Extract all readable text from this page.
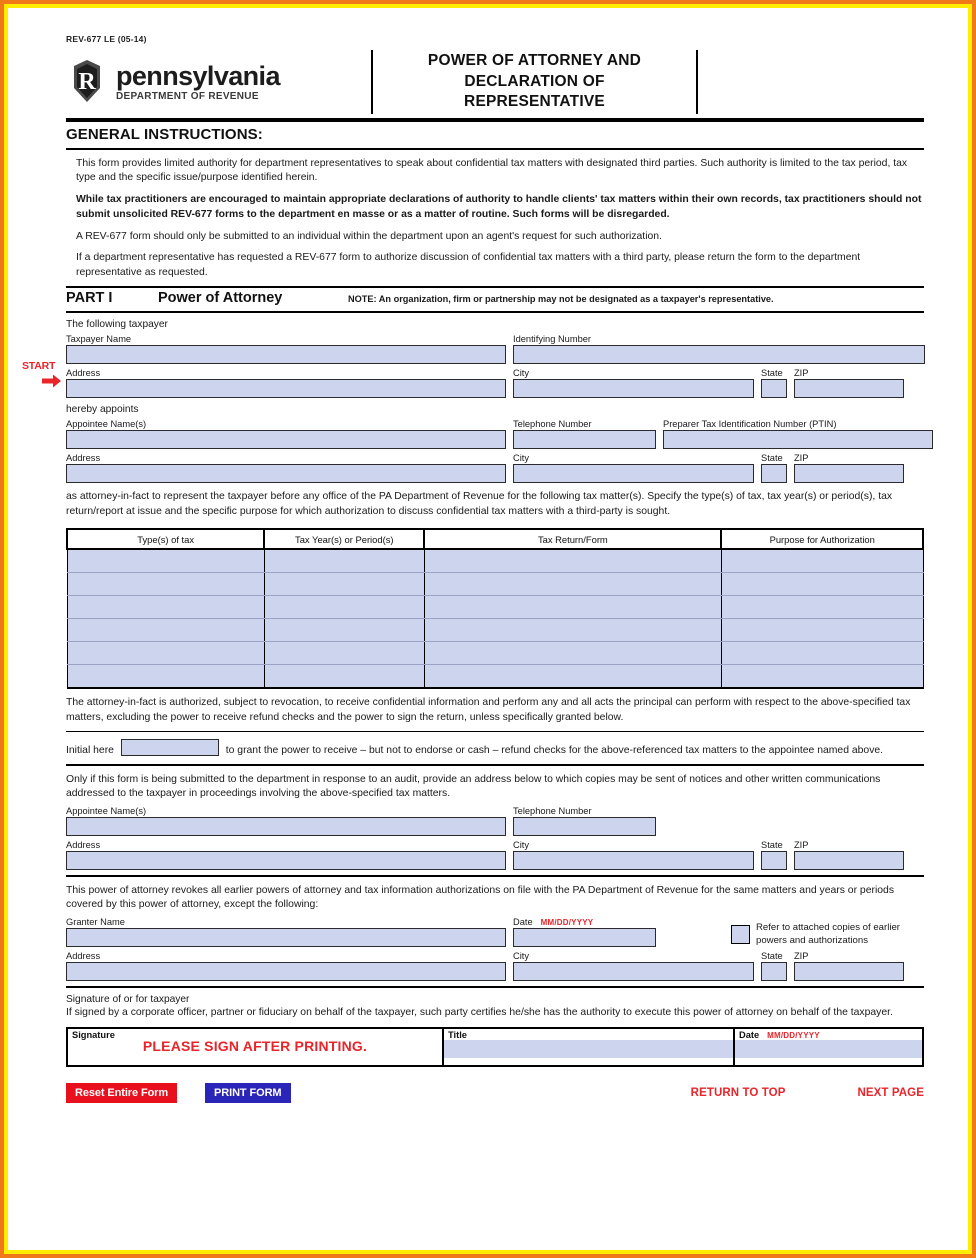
REV-677 LE (05-14)
R pennsylvania
DEPARTMENT OF REVENUE
POWER OF ATTORNEY AND
DECLARATION OF
REPRESENTATIVE
GENERAL INSTRUCTIONS:
This form provides limited authority for department representatives to speak about confidential tax matters with designated third parties. Such authority is limited to the tax period, tax type and the specific issue/purpose identified herein.
While tax practitioners are encouraged to maintain appropriate declarations of authority to handle clients' tax matters within their own records, tax practitioners should not submit unsolicited REV-677 forms to the department en masse or as a matter of routine. Such forms will be disregarded.
A REV-677 form should only be submitted to an individual within the department upon an agent's request for such authorization.
If a department representative has requested a REV-677 form to authorize discussion of confidential tax matters with a third party, please return the form to the department representative as requested.
PART I	Power of Attorney	NOTE: An organization, firm or partnership may not be designated as a taxpayer's representative.
The following taxpayer
Taxpayer Name	Identifying Number
Address	City	State	ZIP
hereby appoints
Appointee Name(s)	Telephone Number	Preparer Tax Identification Number (PTIN)
Address	City	State	ZIP
as attorney-in-fact to represent the taxpayer before any office of the PA Department of Revenue for the following tax matter(s). Specify the type(s) of tax, tax year(s) or period(s), tax return/report at issue and the specific purpose for which authorization to discuss confidential tax matters with a third-party is sought.
Type(s) of tax	Tax Year(s) or Period(s)	Tax Return/Form	Purpose for Authorization

The attorney-in-fact is authorized, subject to revocation, to receive confidential information and perform any and all acts the principal can perform with respect to the above-specified tax matters, excluding the power to receive refund checks and the power to sign the return, unless specifically granted below.
Initial here	to grant the power to receive – but not to endorse or cash – refund checks for the above-referenced tax matters to the appointee named above.
Only if this form is being submitted to the department in response to an audit, provide an address below to which copies may be sent of notices and other written communications addressed to the taxpayer in proceedings involving the above-specified tax matters.
Appointee Name(s)	Telephone Number
Address	City	State	ZIP
This power of attorney revokes all earlier powers of attorney and tax information authorizations on file with the PA Department of Revenue for the same matters and years or periods covered by this power of attorney, except the following:
Granter Name	Date MM/DD/YYYY	Refer to attached copies of earlier powers and authorizations
Address	City	State	ZIP
Signature of or for taxpayer
If signed by a corporate officer, partner or fiduciary on behalf of the taxpayer, such party certifies he/she has the authority to execute this power of attorney on behalf of the taxpayer.
Signature
PLEASE SIGN AFTER PRINTING.

Title	Date MM/DD/YYYY
Reset Entire Form	PRINT FORM	RETURN TO TOP	NEXT PAGE
START
